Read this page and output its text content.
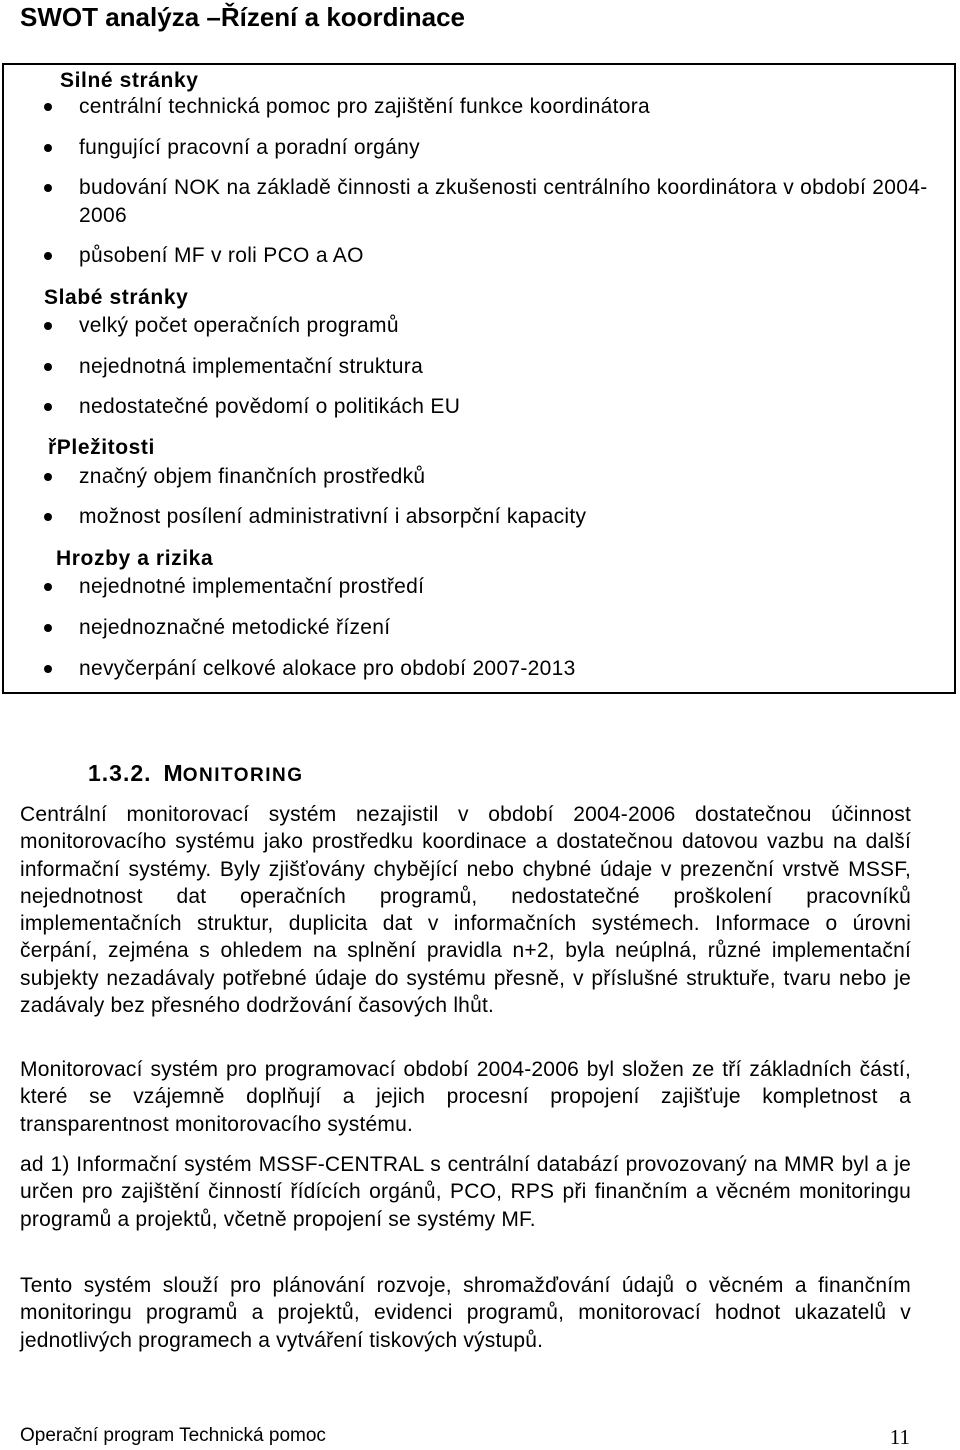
SWOT analýza –Řízení a koordinace
Silné stránky
centrální technická pomoc pro zajištění funkce koordinátora
fungující pracovní a poradní orgány
budování NOK na základě činnosti a zkušenosti centrálního koordinátora v období 2004-2006
působení MF v roli PCO a AO
Slabé stránky
velký počet operačních programů
nejednotná implementační struktura
nedostatečné povědomí o politikách EU
řPležitosti
značný objem finančních prostředků
možnost posílení administrativní i absorpční kapacity
Hrozby a rizika
nejednotné implementační prostředí
nejednoznačné metodické řízení
nevyčerpání celkové alokace pro období 2007-2013
1.3.2. MONITORING
Centrální monitorovací systém nezajistil v období 2004-2006 dostatečnou účinnost monitorovacího systému jako prostředku koordinace a dostatečnou datovou vazbu na další informační systémy. Byly zjišťovány chybějící nebo chybné údaje v prezenční vrstvě MSSF, nejednotnost dat operačních programů, nedostatečné proškolení pracovníků implementačních struktur, duplicita dat v informačních systémech. Informace o úrovni čerpání, zejména s ohledem na splnění pravidla n+2, byla neúplná, různé implementační subjekty nezadávaly potřebné údaje do systému přesně, v příslušné struktuře, tvaru nebo je zadávaly bez přesného dodržování časových lhůt.
Monitorovací systém pro programovací období 2004-2006 byl složen ze tří základních částí, které se vzájemně doplňují a jejich procesní propojení zajišťuje kompletnost a transparentnost monitorovacího systému.
ad 1) Informační systém MSSF-CENTRAL s centrální databází provozovaný na MMR byl a je určen pro zajištění činností řídících orgánů, PCO, RPS při finančním a věcném monitoringu programů a projektů, včetně propojení se systémy MF.
Tento systém slouží pro plánování rozvoje, shromažďování údajů o věcném a finančním monitoringu programů a projektů, evidenci programů, monitorovací hodnot ukazatelů v jednotlivých programech a vytváření tiskových výstupů.
Operační program Technická pomoc	11
